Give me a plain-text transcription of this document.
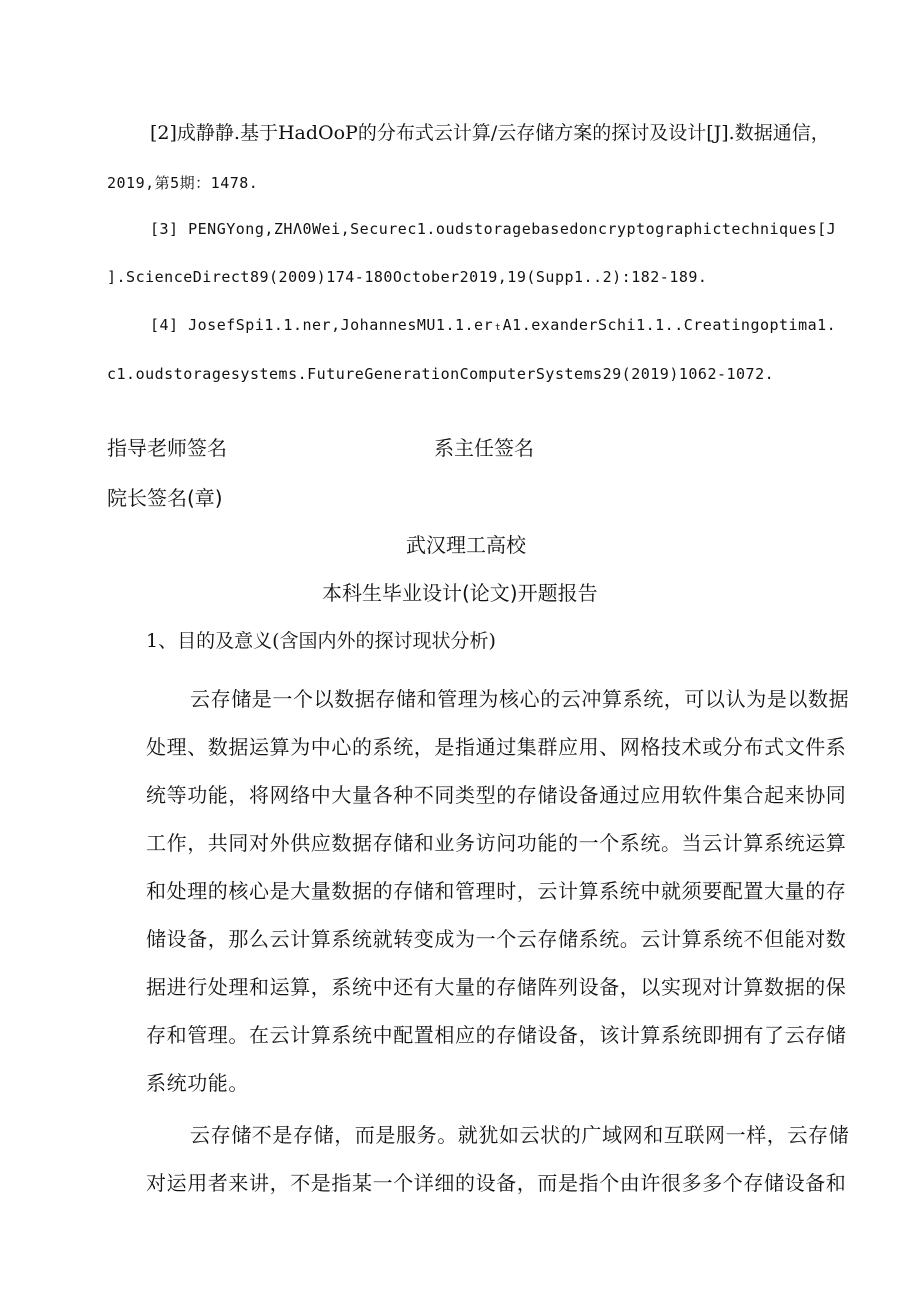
[2]成静静.基于HadOoP的分布式云计算/云存储方案的探讨及设计[J].数据通信，
2019,第5期：1478.
[3] PENGYong,ZHΛ0Wei,Securec1.oudstoragebasedoncryptographictechniques[J
].ScienceDirect89(2009)174-180October2019,19(Supp1..2):182-189.
[4] JosefSpi1.1.ner,JohannesMU1.1.erₜA1.exanderSchi1.1..Creatingoptima1.
c1.oudstoragesystems.FutureGenerationComputerSystems29(2019)1062-1072.
指导老师签名	系主任签名
院长签名(章)
武汉理工高校
本科生毕业设计(论文)开题报告
1、目的及意义(含国内外的探讨现状分析)
云存储是一个以数据存储和管理为核心的云冲算系统，可以认为是以数据
处理、数据运算为中心的系统，是指通过集群应用、网格技术或分布式文件系
统等功能，将网络中大量各种不同类型的存储设备通过应用软件集合起来协同
工作，共同对外供应数据存储和业务访问功能的一个系统。当云计算系统运算
和处理的核心是大量数据的存储和管理时，云计算系统中就须要配置大量的存
储设备，那么云计算系统就转变成为一个云存储系统。云计算系统不但能对数
据进行处理和运算，系统中还有大量的存储阵列设备，以实现对计算数据的保
存和管理。在云计算系统中配置相应的存储设备，该计算系统即拥有了云存储
系统功能。
云存储不是存储，而是服务。就犹如云状的广域网和互联网一样，云存储
对运用者来讲，不是指某一个详细的设备，而是指个由许很多多个存储设备和
